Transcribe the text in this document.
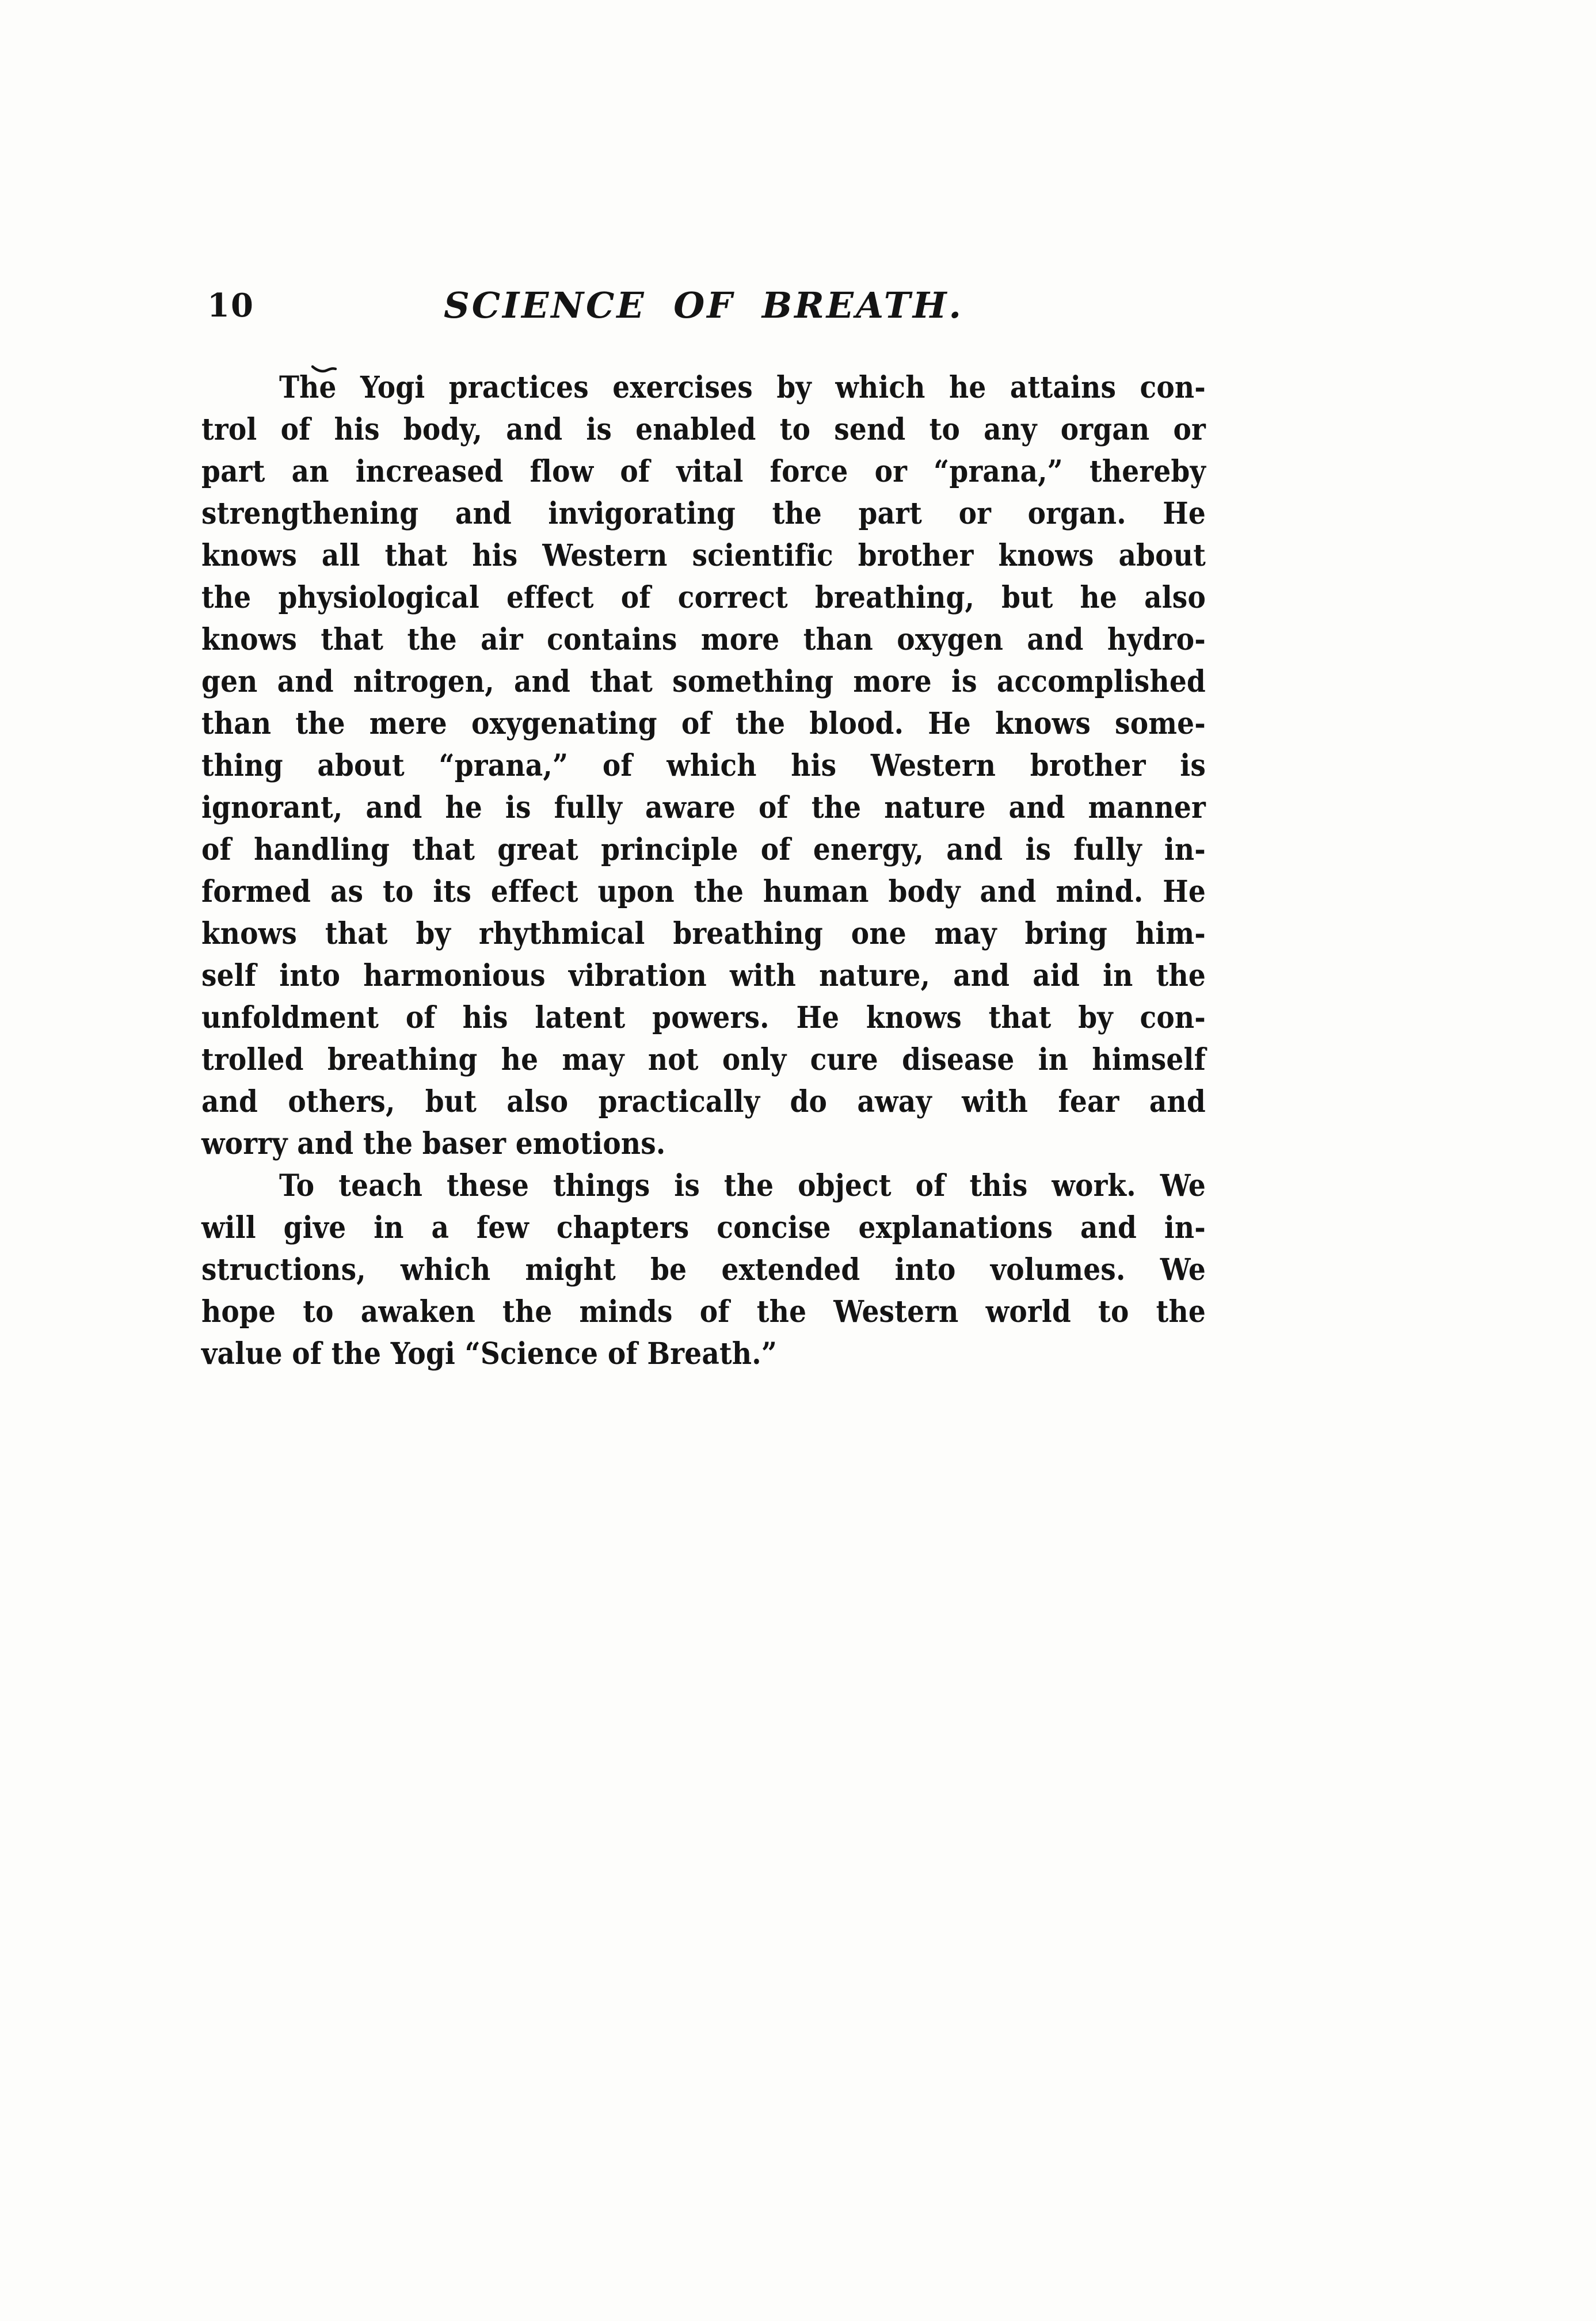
10	SCIENCE OF BREATH.
The Yogi practices exercises by which he attains con-
trol of his body, and is enabled to send to any organ or
part an increased flow of vital force or “prana,” thereby
strengthening and invigorating the part or organ. He
knows all that his Western scientific brother knows about
the physiological effect of correct breathing, but he also
knows that the air contains more than oxygen and hydro-
gen and nitrogen, and that something more is accomplished
than the mere oxygenating of the blood. He knows some-
thing about “prana,” of which his Western brother is
ignorant, and he is fully aware of the nature and manner
of handling that great principle of energy, and is fully in-
formed as to its effect upon the human body and mind. He
knows that by rhythmical breathing one may bring him-
self into harmonious vibration with nature, and aid in the
unfoldment of his latent powers. He knows that by con-
trolled breathing he may not only cure disease in himself
and others, but also practically do away with fear and
worry and the baser emotions.
To teach these things is the object of this work. We
will give in a few chapters concise explanations and in-
structions, which might be extended into volumes. We
hope to awaken the minds of the Western world to the
value of the Yogi “Science of Breath.”
